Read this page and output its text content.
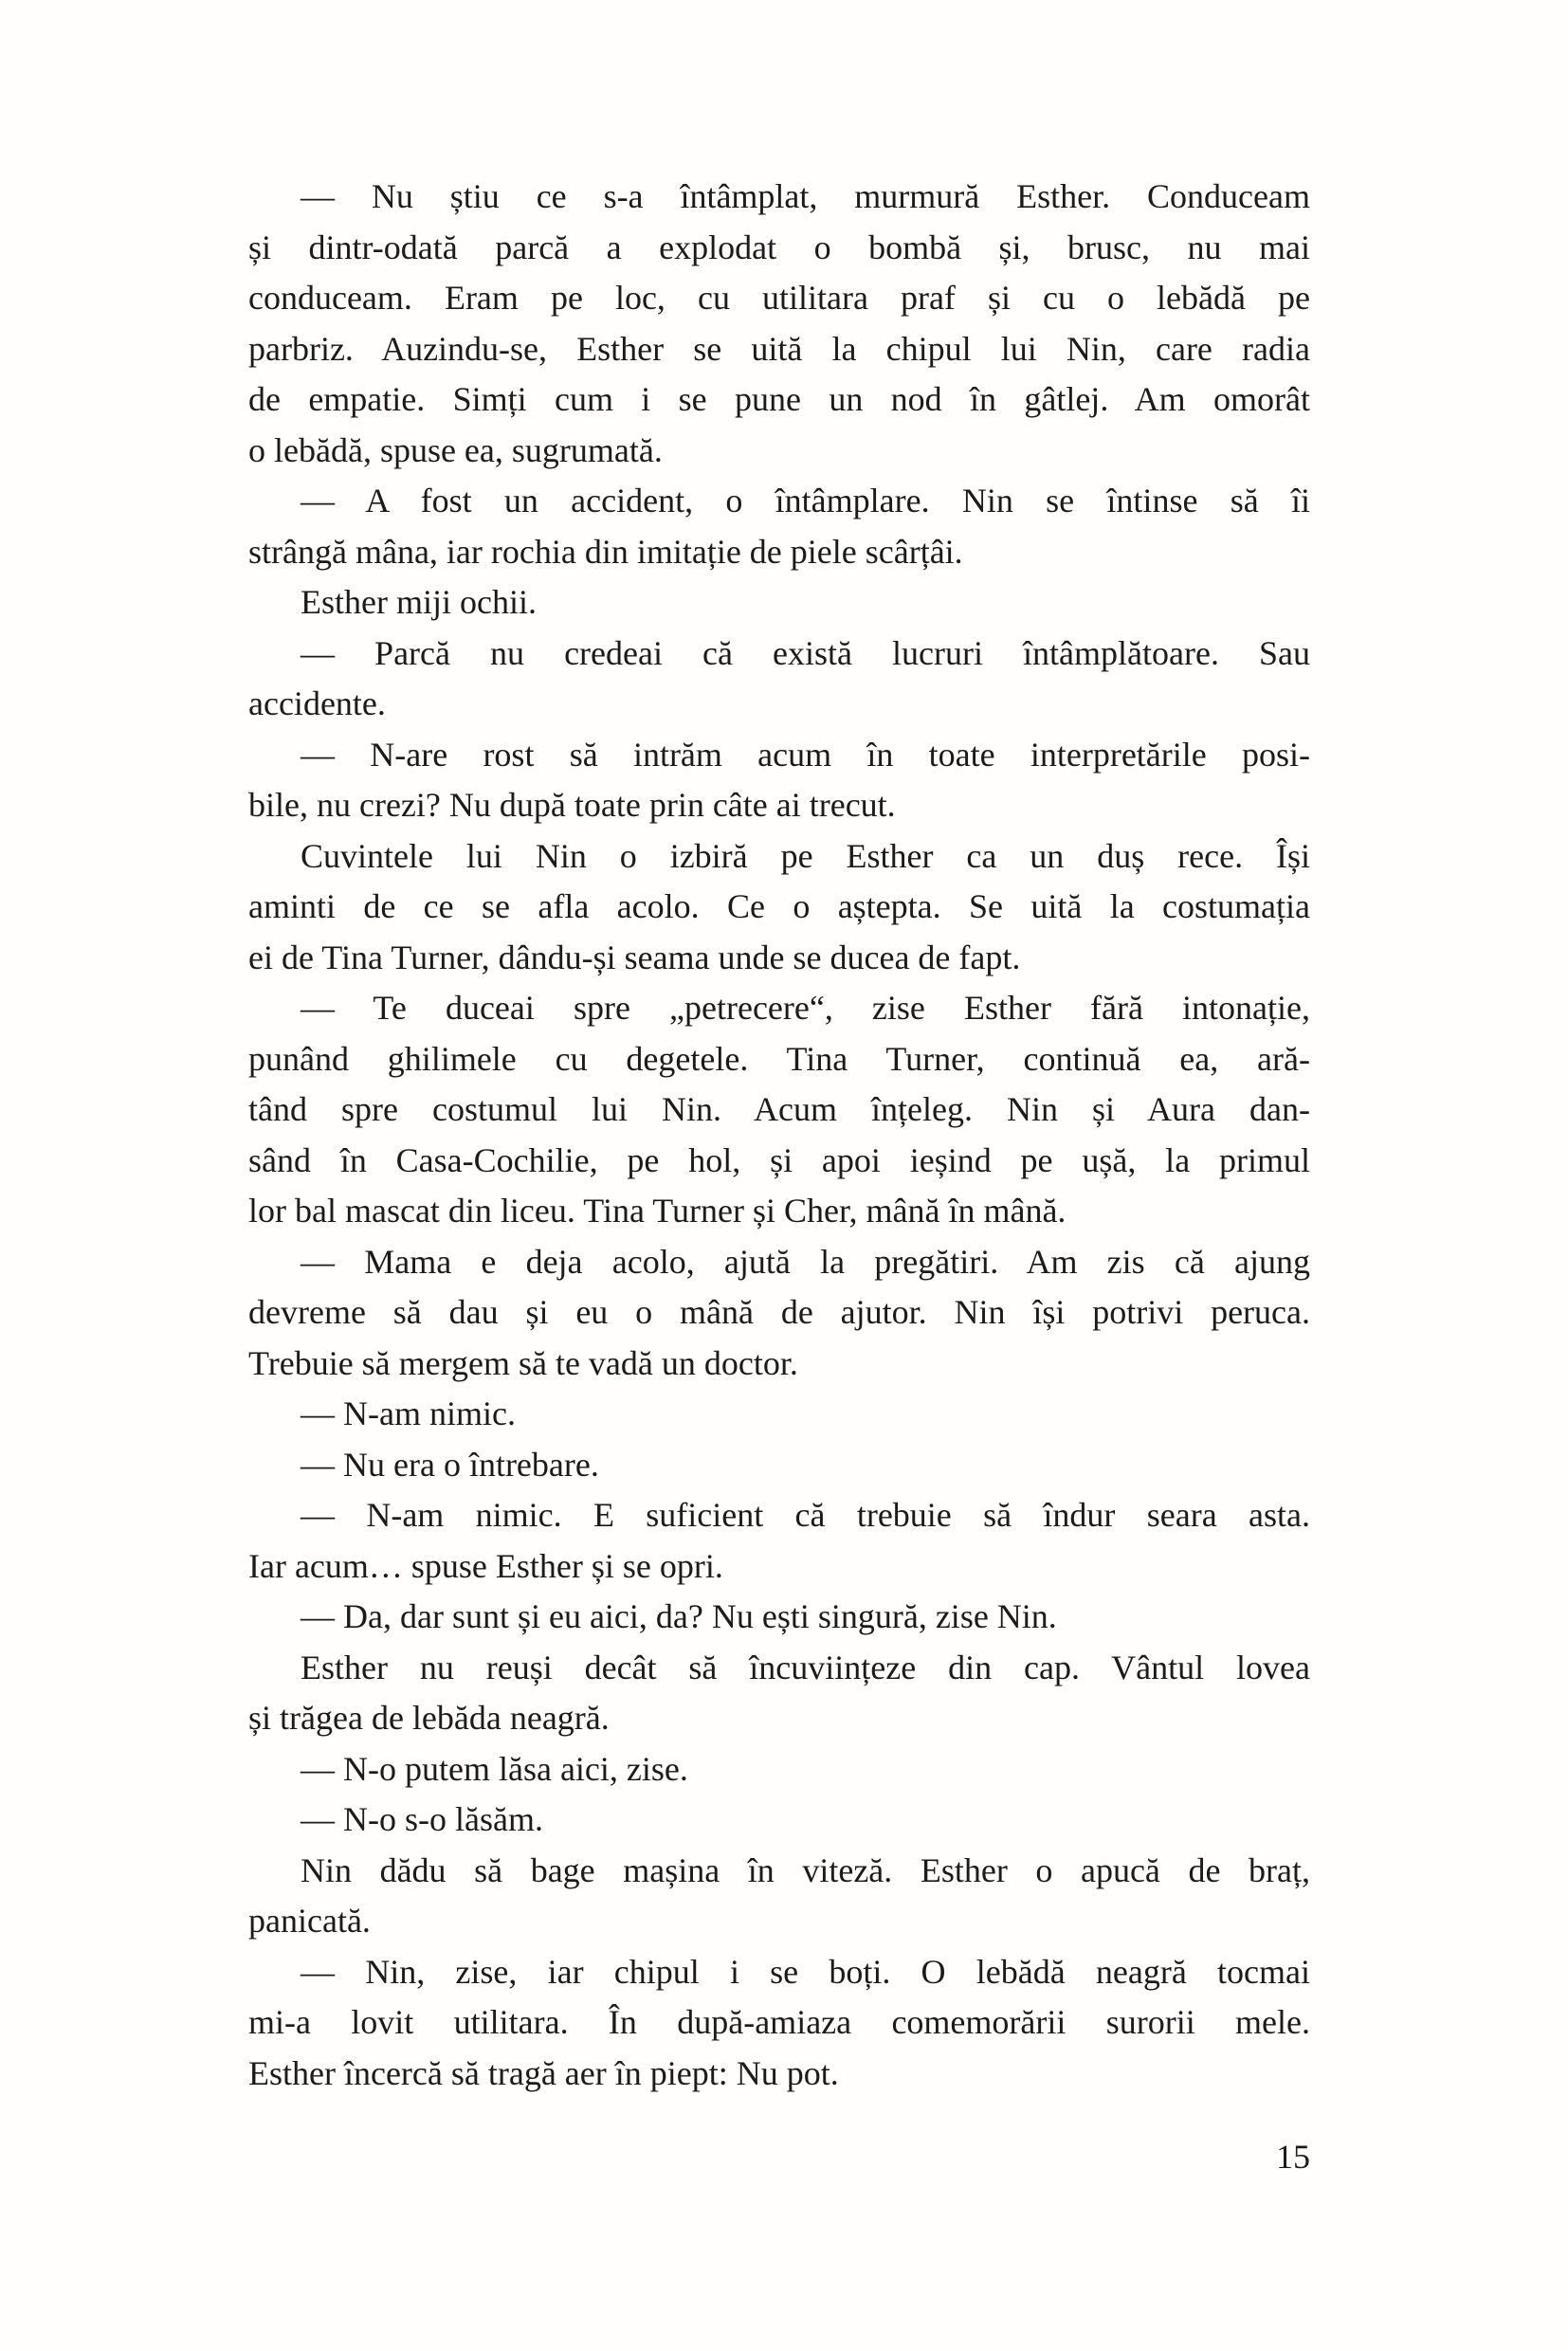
— Nu știu ce s-a întâmplat, murmură Esther. Conduceam
și dintr-odată parcă a explodat o bombă și, brusc, nu mai
conduceam. Eram pe loc, cu utilitara praf și cu o lebădă pe
parbriz. Auzindu-se, Esther se uită la chipul lui Nin, care radia
de empatie. Simți cum i se pune un nod în gâtlej. Am omorât
o lebădă, spuse ea, sugrumată.
— A fost un accident, o întâmplare. Nin se întinse să îi
strângă mâna, iar rochia din imitație de piele scârțâi.
Esther miji ochii.
— Parcă nu credeai că există lucruri întâmplătoare. Sau
accidente.
— N-are rost să intrăm acum în toate interpretările posi-
bile, nu crezi? Nu după toate prin câte ai trecut.
Cuvintele lui Nin o izbiră pe Esther ca un duș rece. Își
aminti de ce se afla acolo. Ce o aștepta. Se uită la costumația
ei de Tina Turner, dându-și seama unde se ducea de fapt.
— Te duceai spre „petrecere“, zise Esther fără intonație,
punând ghilimele cu degetele. Tina Turner, continuă ea, ară-
tând spre costumul lui Nin. Acum înțeleg. Nin și Aura dan-
sând în Casa-Cochilie, pe hol, și apoi ieșind pe ușă, la primul
lor bal mascat din liceu. Tina Turner și Cher, mână în mână.
— Mama e deja acolo, ajută la pregătiri. Am zis că ajung
devreme să dau și eu o mână de ajutor. Nin își potrivi peruca.
Trebuie să mergem să te vadă un doctor.
— N-am nimic.
— Nu era o întrebare.
— N-am nimic. E suficient că trebuie să îndur seara asta.
Iar acum… spuse Esther și se opri.
— Da, dar sunt și eu aici, da? Nu ești singură, zise Nin.
Esther nu reuși decât să încuviințeze din cap. Vântul lovea
și trăgea de lebăda neagră.
— N-o putem lăsa aici, zise.
— N-o s-o lăsăm.
Nin dădu să bage mașina în viteză. Esther o apucă de braț,
panicată.
— Nin, zise, iar chipul i se boți. O lebădă neagră tocmai
mi-a lovit utilitara. În după-amiaza comemorării surorii mele.
Esther încercă să tragă aer în piept: Nu pot.
15
